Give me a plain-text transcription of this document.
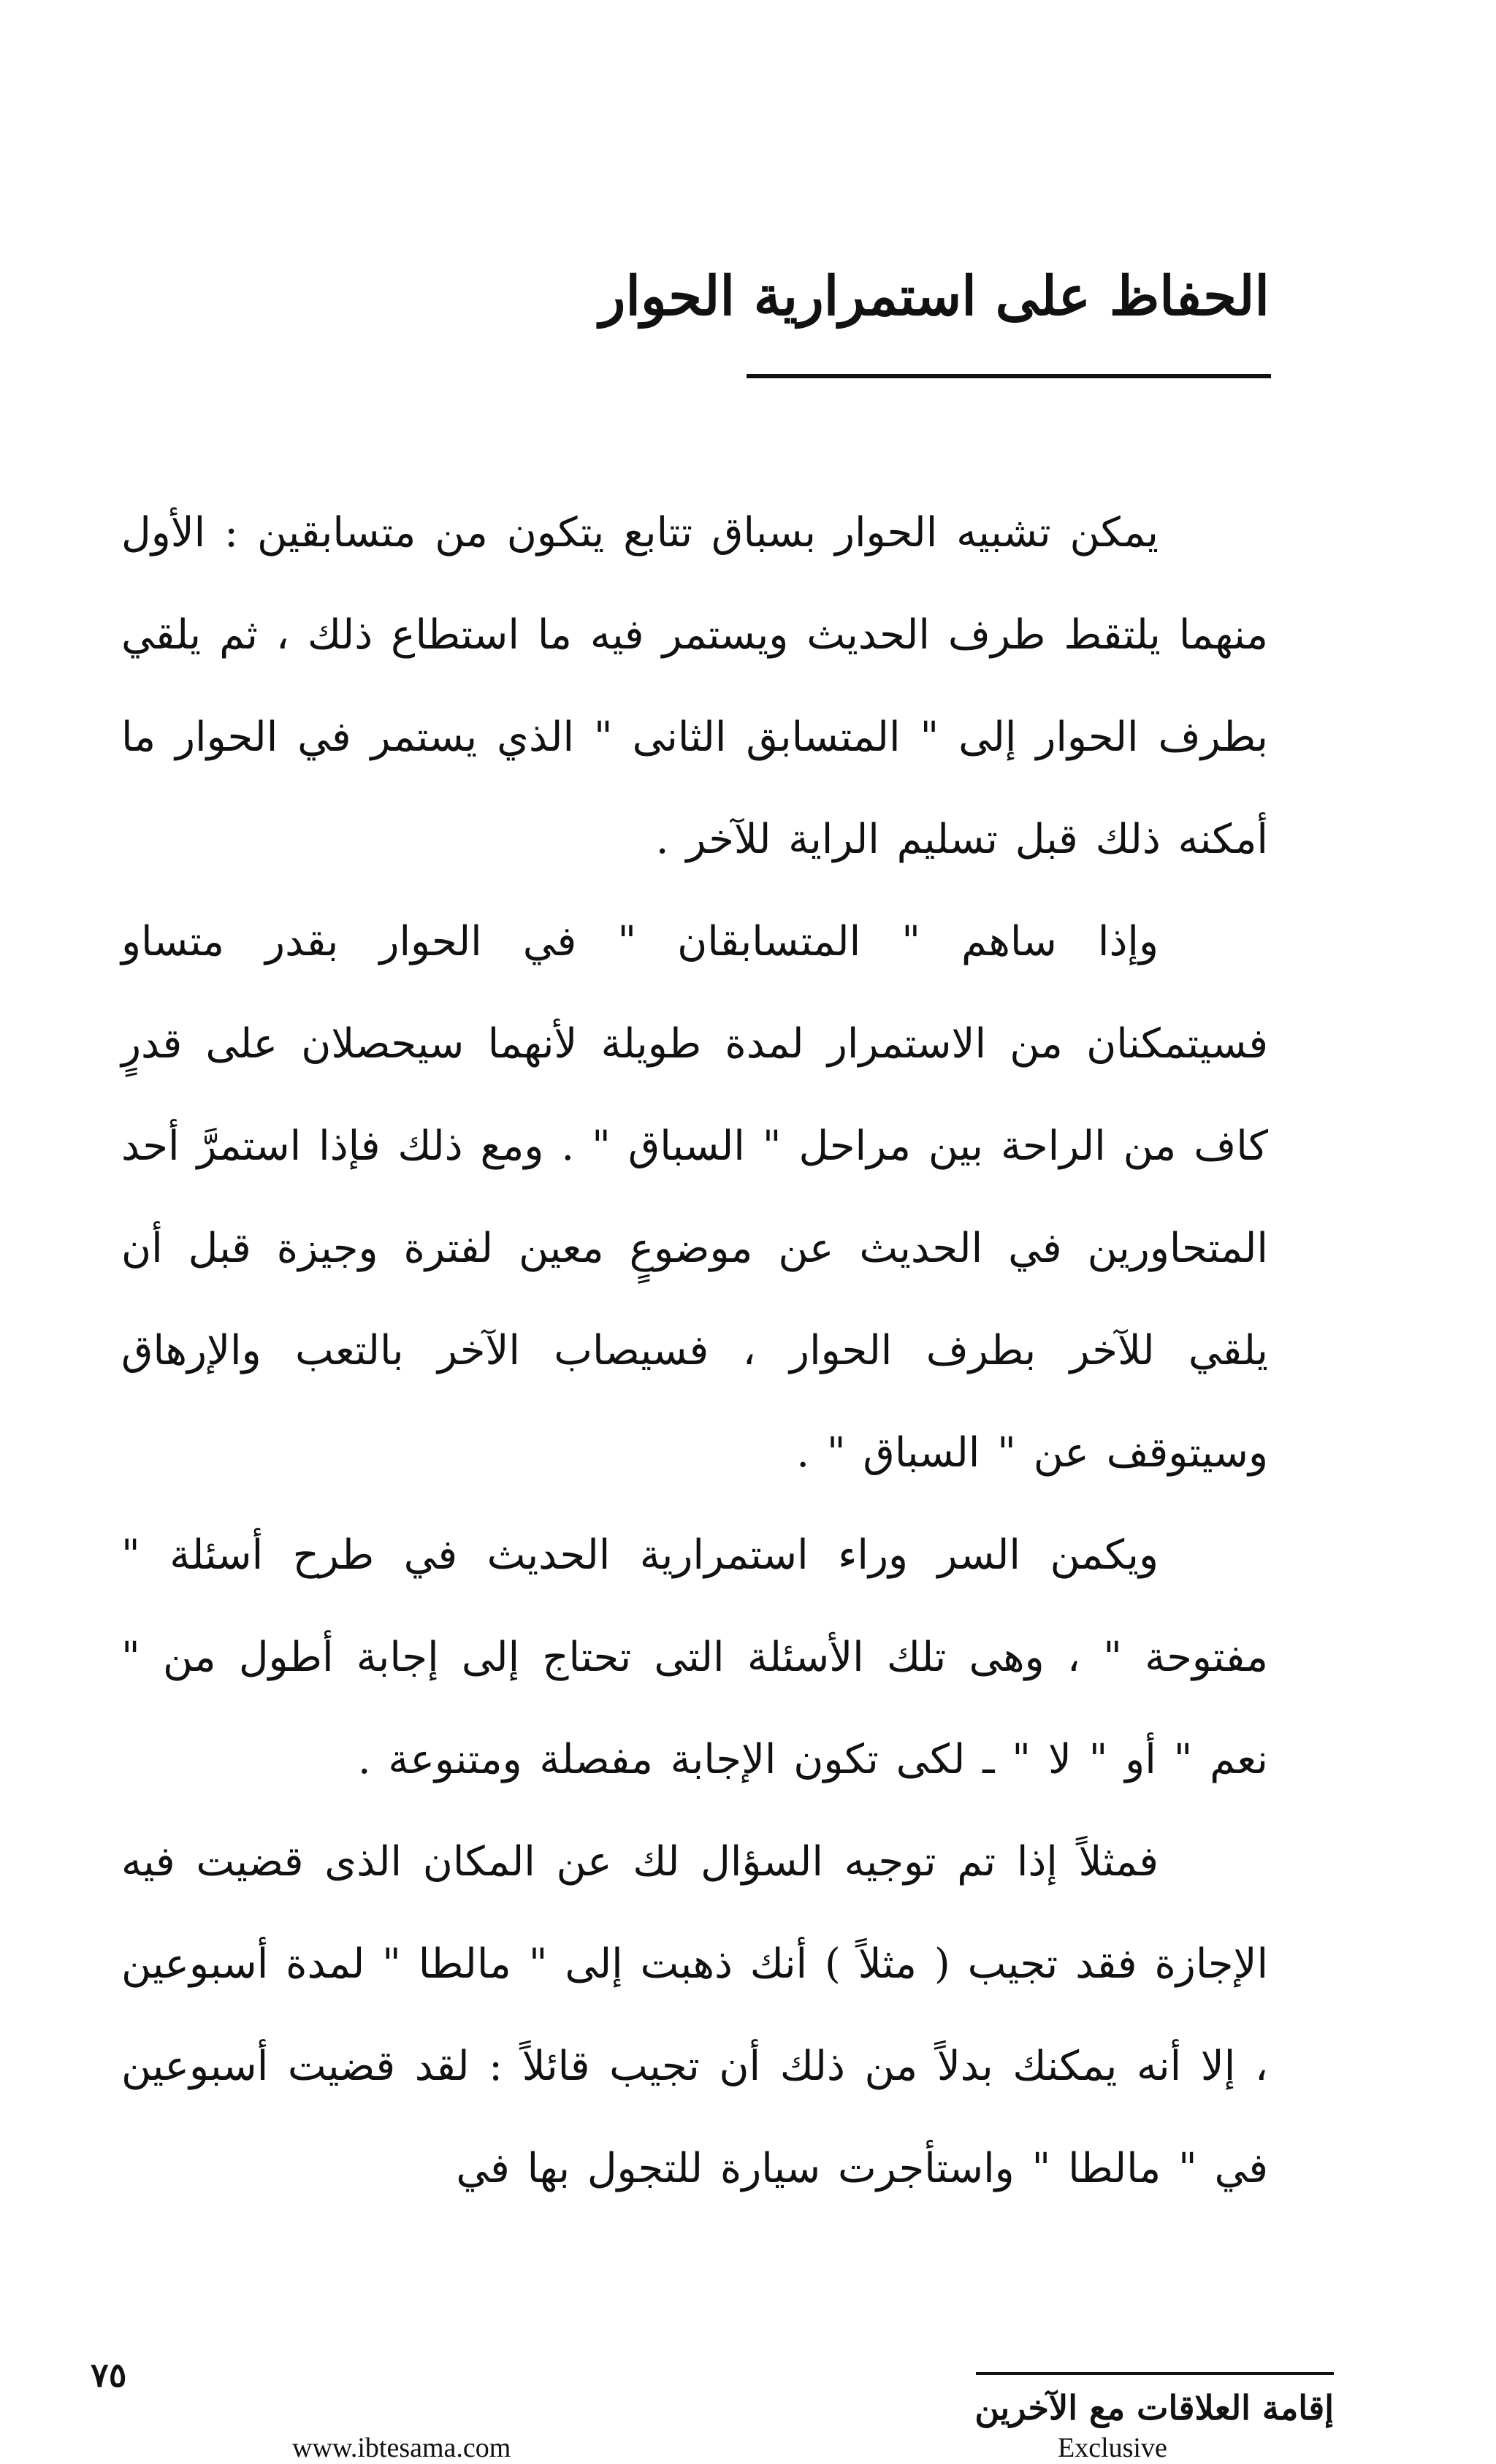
الحفاظ على استمرارية الحوار

يمكن تشبيه الحوار بسباق تتابع يتكون من متسابقين : الأول منهما يلتقط طرف الحديث ويستمر فيه ما استطاع ذلك ، ثم يلقي بطرف الحوار إلى " المتسابق الثانى " الذي يستمر في الحوار ما أمكنه ذلك قبل تسليم الراية للآخر .

وإذا ساهم " المتسابقان " في الحوار بقدر متساو فسيتمكنان من الاستمرار لمدة طويلة لأنهما سيحصلان على قدرٍ كاف من الراحة بين مراحل " السباق " . ومع ذلك فإذا استمرَّ أحد المتحاورين في الحديث عن موضوعٍ معين لفترة وجيزة قبل أن يلقي للآخر بطرف الحوار ، فسيصاب الآخر بالتعب والإرهاق وسيتوقف عن " السباق " .

ويكمن السر وراء استمرارية الحديث في طرح أسئلة " مفتوحة " ، وهى تلك الأسئلة التى تحتاج إلى إجابة أطول من " نعم " أو " لا " ـ لكى تكون الإجابة مفصلة ومتنوعة .

فمثلاً إذا تم توجيه السؤال لك عن المكان الذى قضيت فيه الإجازة فقد تجيب ( مثلاً ) أنك ذهبت إلى " مالطا " لمدة أسبوعين ، إلا أنه يمكنك بدلاً من ذلك أن تجيب قائلاً : لقد قضيت أسبوعين في " مالطا " واستأجرت سيارة للتجول بها في

٧٥
إقامة العلاقات مع الآخرين
www.ibtesama.com	Exclusive
